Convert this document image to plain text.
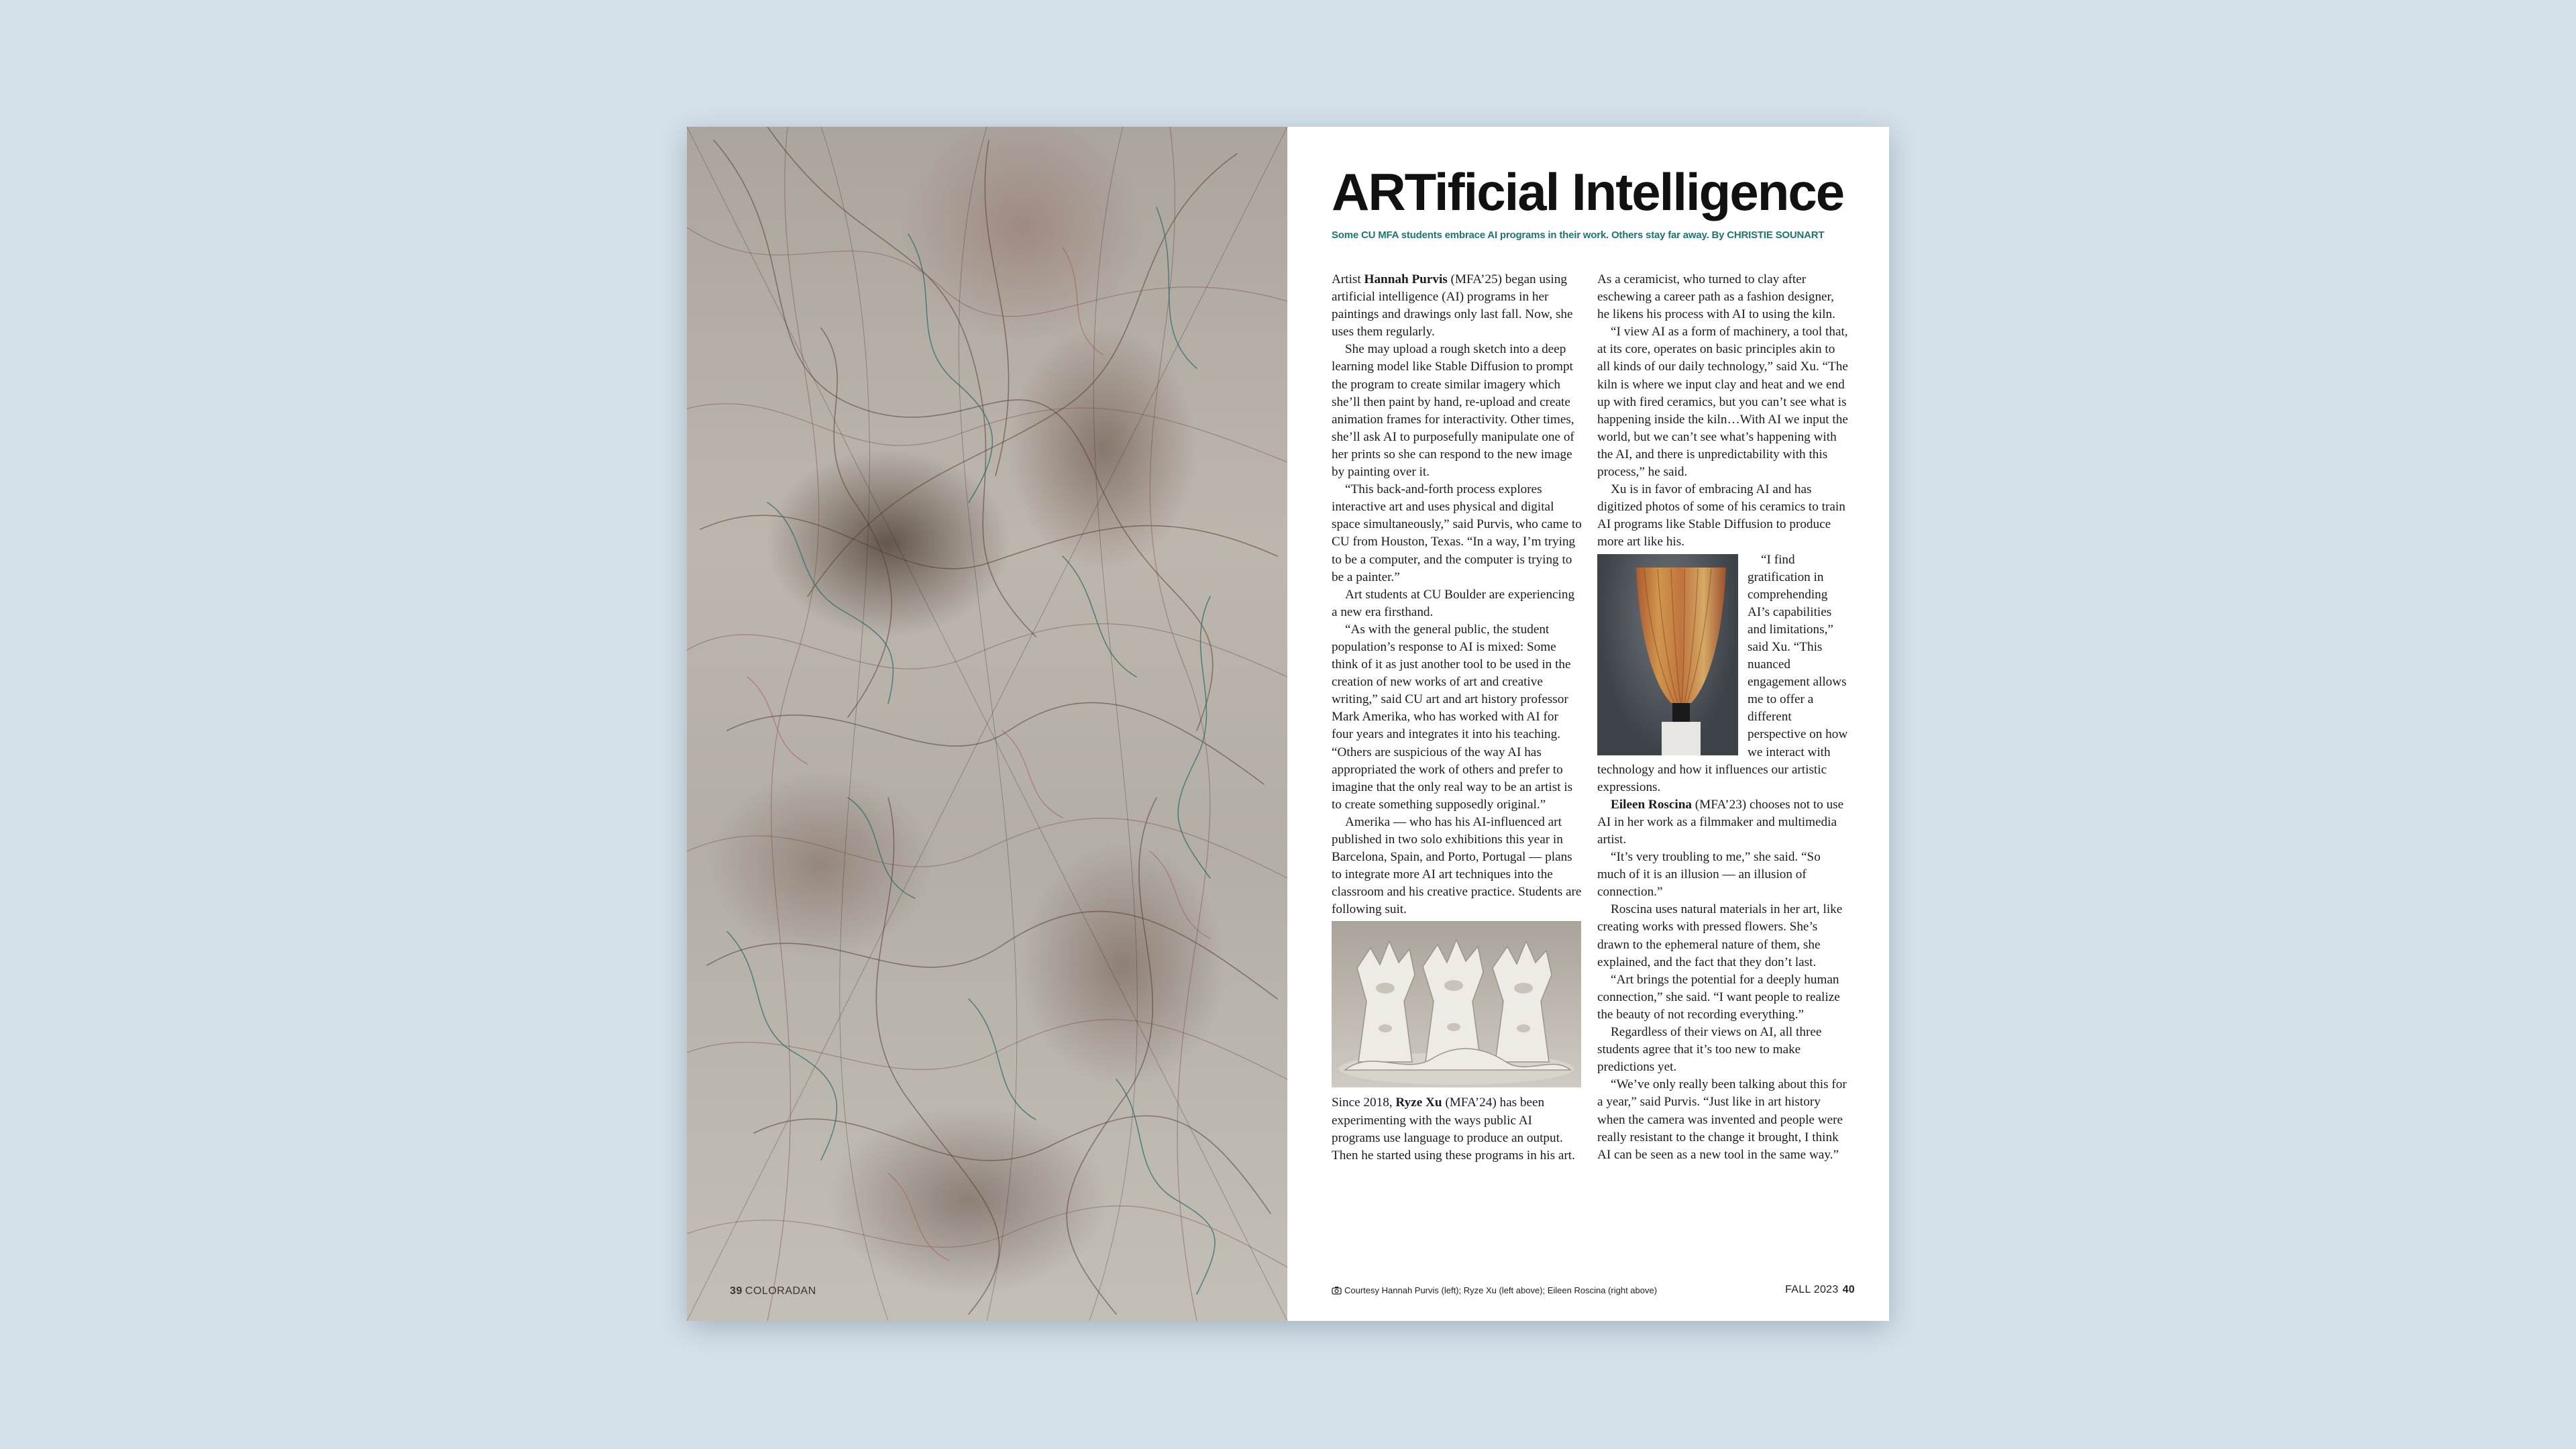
39 COLORADAN
ARTificial Intelligence

Some CU MFA students embrace AI programs in their work. Others stay far away. By CHRISTIE SOUNART

Artist Hannah Purvis (MFA’25) began using artificial intelligence (AI) programs in her paintings and drawings only last fall. Now, she uses them regularly.

She may upload a rough sketch into a deep learning model like Stable Diffusion to prompt the program to create similar imagery which she’ll then paint by hand, re-upload and create animation frames for interactivity. Other times, she’ll ask AI to purposefully manipulate one of her prints so she can respond to the new image by painting over it.

“This back-and-forth process explores interactive art and uses physical and digital space simultaneously,” said Purvis, who came to CU from Houston, Texas. “In a way, I’m trying to be a computer, and the computer is trying to be a painter.”

Art students at CU Boulder are experiencing a new era firsthand.

“As with the general public, the student population’s response to AI is mixed: Some think of it as just another tool to be used in the creation of new works of art and creative writing,” said CU art and art history professor Mark Amerika, who has worked with AI for four years and integrates it into his teaching. “Others are suspicious of the way AI has appropriated the work of others and prefer to imagine that the only real way to be an artist is to create something supposedly original.”

Amerika — who has his AI-influenced art published in two solo exhibitions this year in Barcelona, Spain, and Porto, Portugal — plans to integrate more AI art techniques into the classroom and his creative practice. Students are following suit.

Since 2018, Ryze Xu (MFA’24) has been experimenting with the ways public AI programs use language to produce an output. Then he started using these programs in his art.

As a ceramicist, who turned to clay after eschewing a career path as a fashion designer, he likens his process with AI to using the kiln.

“I view AI as a form of machinery, a tool that, at its core, operates on basic principles akin to all kinds of our daily technology,” said Xu. “The kiln is where we input clay and heat and we end up with fired ceramics, but you can’t see what is happening inside the kiln…With AI we input the world, but we can’t see what’s happening with the AI, and there is unpredictability with this process,” he said.

Xu is in favor of embracing AI and has digitized photos of some of his ceramics to train AI programs like Stable Diffusion to produce more art like his.

“I find gratification in comprehending AI’s capabilities and limitations,” said Xu. “This nuanced engagement allows me to offer a different perspective on how we interact with technology and how it influences our artistic expressions.

Eileen Roscina (MFA’23) chooses not to use AI in her work as a filmmaker and multimedia artist.

“It’s very troubling to me,” she said. “So much of it is an illusion — an illusion of connection.”

Roscina uses natural materials in her art, like creating works with pressed flowers. She’s drawn to the ephemeral nature of them, she explained, and the fact that they don’t last.

“Art brings the potential for a deeply human connection,” she said. “I want people to realize the beauty of not recording everything.”

Regardless of their views on AI, all three students agree that it’s too new to make predictions yet.

“We’ve only really been talking about this for a year,” said Purvis. “Just like in art history when the camera was invented and people were really resistant to the change it brought, I think AI can be seen as a new tool in the same way.”

Courtesy Hannah Purvis (left); Ryze Xu (left above); Eileen Roscina (right above)	FALL 2023 40
